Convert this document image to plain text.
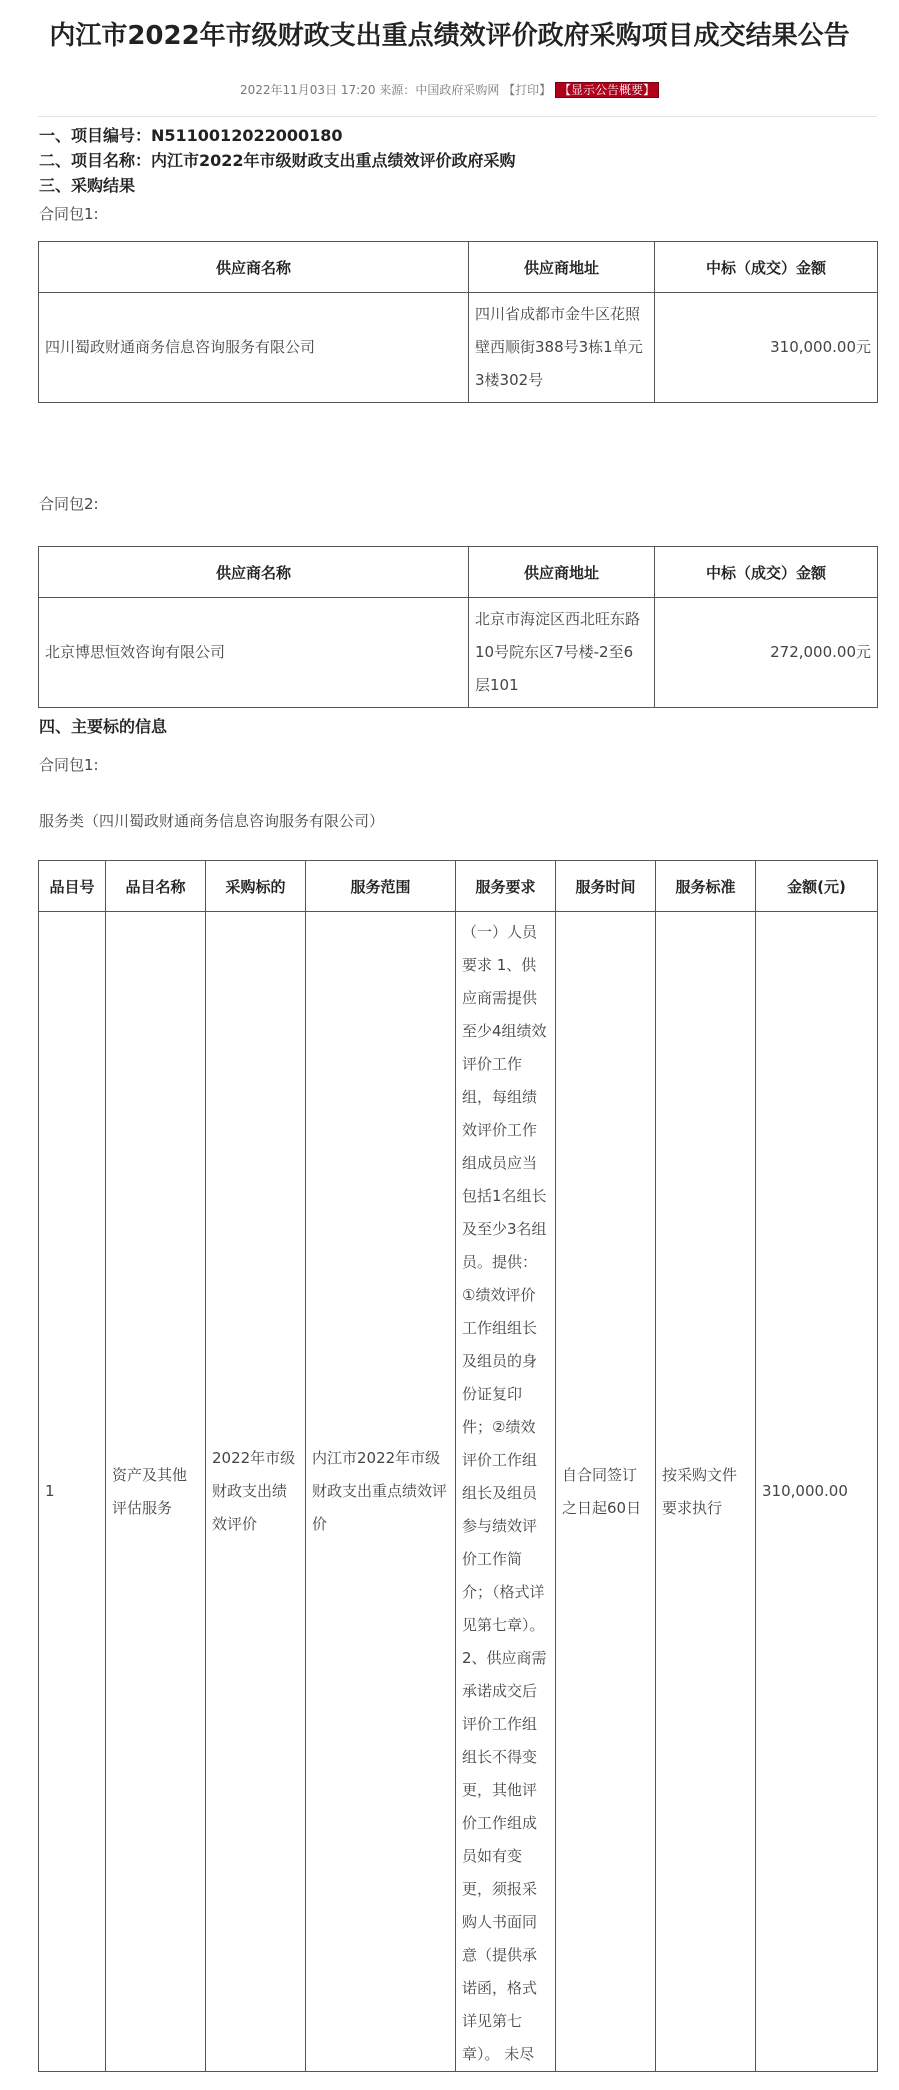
内江市2022年市级财政支出重点绩效评价政府采购项目成交结果公告
2022年11月03日 17:20 来源：中国政府采购网 【打印】 【显示公告概要】
一、项目编号：N5110012022000180
二、项目名称：内江市2022年市级财政支出重点绩效评价政府采购
三、采购结果
合同包1:
供应商名称	供应商地址	中标（成交）金额
四川蜀政财通商务信息咨询服务有限公司	四川省成都市金牛区花照壁西顺街388号3栋1单元3楼302号	310,000.00元
合同包2:
供应商名称	供应商地址	中标（成交）金额
北京博思恒效咨询有限公司	北京市海淀区西北旺东路10号院东区7号楼-2至6层101	272,000.00元
四、主要标的信息
合同包1:
服务类（四川蜀政财通商务信息咨询服务有限公司）
品目号	品目名称	采购标的	服务范围	服务要求	服务时间	服务标准	金额(元)
1	资产及其他评估服务	2022年市级财政支出绩效评价	内江市2022年市级财政支出重点绩效评价	（一）人员要求 1、供应商需提供至少4组绩效评价工作组，每组绩效评价工作组成员应当包括1名组长及至少3名组员。提供：①绩效评价工作组组长及组员的身份证复印件；②绩效评价工作组组长及组员参与绩效评价工作简介；（格式详见第七章）。 2、供应商需承诺成交后评价工作组组长不得变更，其他评价工作组成员如有变更，须报采购人书面同意（提供承诺函，格式详见第七章）。 未尽	自合同签订之日起60日	按采购文件要求执行	310,000.00
